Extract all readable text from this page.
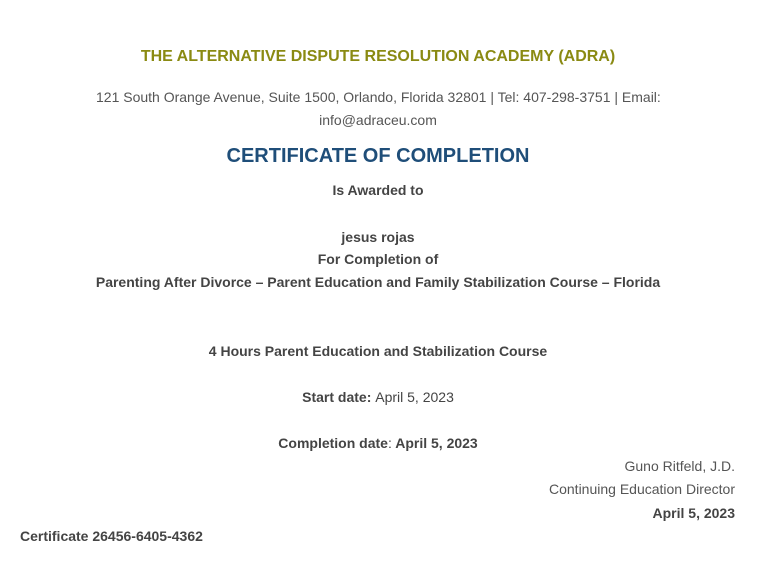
THE ALTERNATIVE DISPUTE RESOLUTION ACADEMY (ADRA)
121 South Orange Avenue, Suite 1500, Orlando, Florida 32801 | Tel: 407-298-3751 | Email:
info@adraceu.com
CERTIFICATE OF COMPLETION
Is Awarded to
jesus rojas
For Completion of
Parenting After Divorce – Parent Education and Family Stabilization Course – Florida
4 Hours Parent Education and Stabilization Course
Start date: April 5, 2023
Completion date: April 5, 2023
Guno Ritfeld, J.D.
Continuing Education Director
April 5, 2023
Certificate 26456-6405-4362
